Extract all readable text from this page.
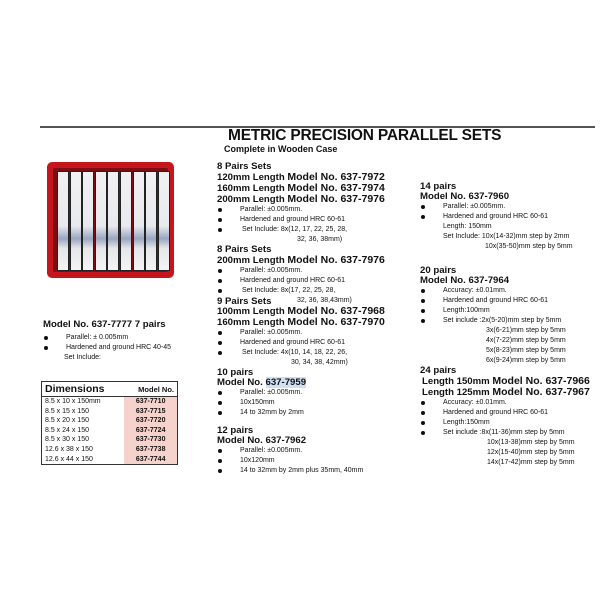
METRIC PRECISION PARALLEL SETS
Complete in Wooden Case
Model No. 637-7777 7 pairs
Parallel: ± 0.005mm
Hardened and ground HRC 40-45
Set Include:
Dimensions	Model No.
8.5 x 10 x 150mm	637-7710
8.5 x 15 x 150	637-7715
8.5 x 20 x 150	637-7720
8.5 x 24 x 150	637-7724
8.5 x 30 x 150	637-7730
12.6 x 38 x 150	637-7738
12.6 x 44 x 150	637-7744
8 Pairs Sets
120mm Length Model No. 637-7972
160mm Length Model No. 637-7974
200mm Length Model No. 637-7976
Parallel: ±0.005mm.
Hardened and ground HRC 60-61
Set Include: 8x(12, 17, 22, 25, 28,
32, 36, 38mm)
8 Pairs Sets
200mm Length Model No. 637-7976
Parallel: ±0.005mm.
Hardened and ground HRC 60-61
Set Include: 8x(17, 22, 25, 28,
9 Pairs Sets	32, 36, 38,43mm)
100mm Length Model No. 637-7968
160mm Length Model No. 637-7970
Parallel: ±0.005mm.
Hardened and ground HRC 60-61
Set Include: 4x(10, 14, 18, 22, 26,
30, 34, 38, 42mm)
10 pairs
Model No. 637-7959
Parallel: ±0.005mm.
10x150mm
14 to 32mm by 2mm
12 pairs
Model No. 637-7962
Parallel: ±0.005mm.
10x120mm
14 to 32mm by 2mm plus 35mm, 40mm
14 pairs
Model No. 637-7960
Parallel: ±0.005mm.
Hardened and ground HRC 60-61
Length: 150mm
Set Include: 10x(14-32)mm step by 2mm
10x(35-50)mm step by 5mm
20 pairs
Model No. 637-7964
Accuracy: ±0.01mm.
Hardened and ground HRC 60-61
Length:100mm
Set include :2x(5-20)mm step by 5mm
3x(6-21)mm step by 5mm
4x(7-22)mm step by 5mm
5x(8-23)mm step by 5mm
6x(9-24)mm step by 5mm
24 pairs
Length 150mm Model No. 637-7966
Length 125mm Model No. 637-7967
Accuracy: ±0.01mm.
Hardened and ground HRC 60-61
Length:150mm
Set include :8x(11-36)mm step by 5mm
10x(13-38)mm step by 5mm
12x(15-40)mm step by 5mm
14x(17-42)mm step by 5mm
